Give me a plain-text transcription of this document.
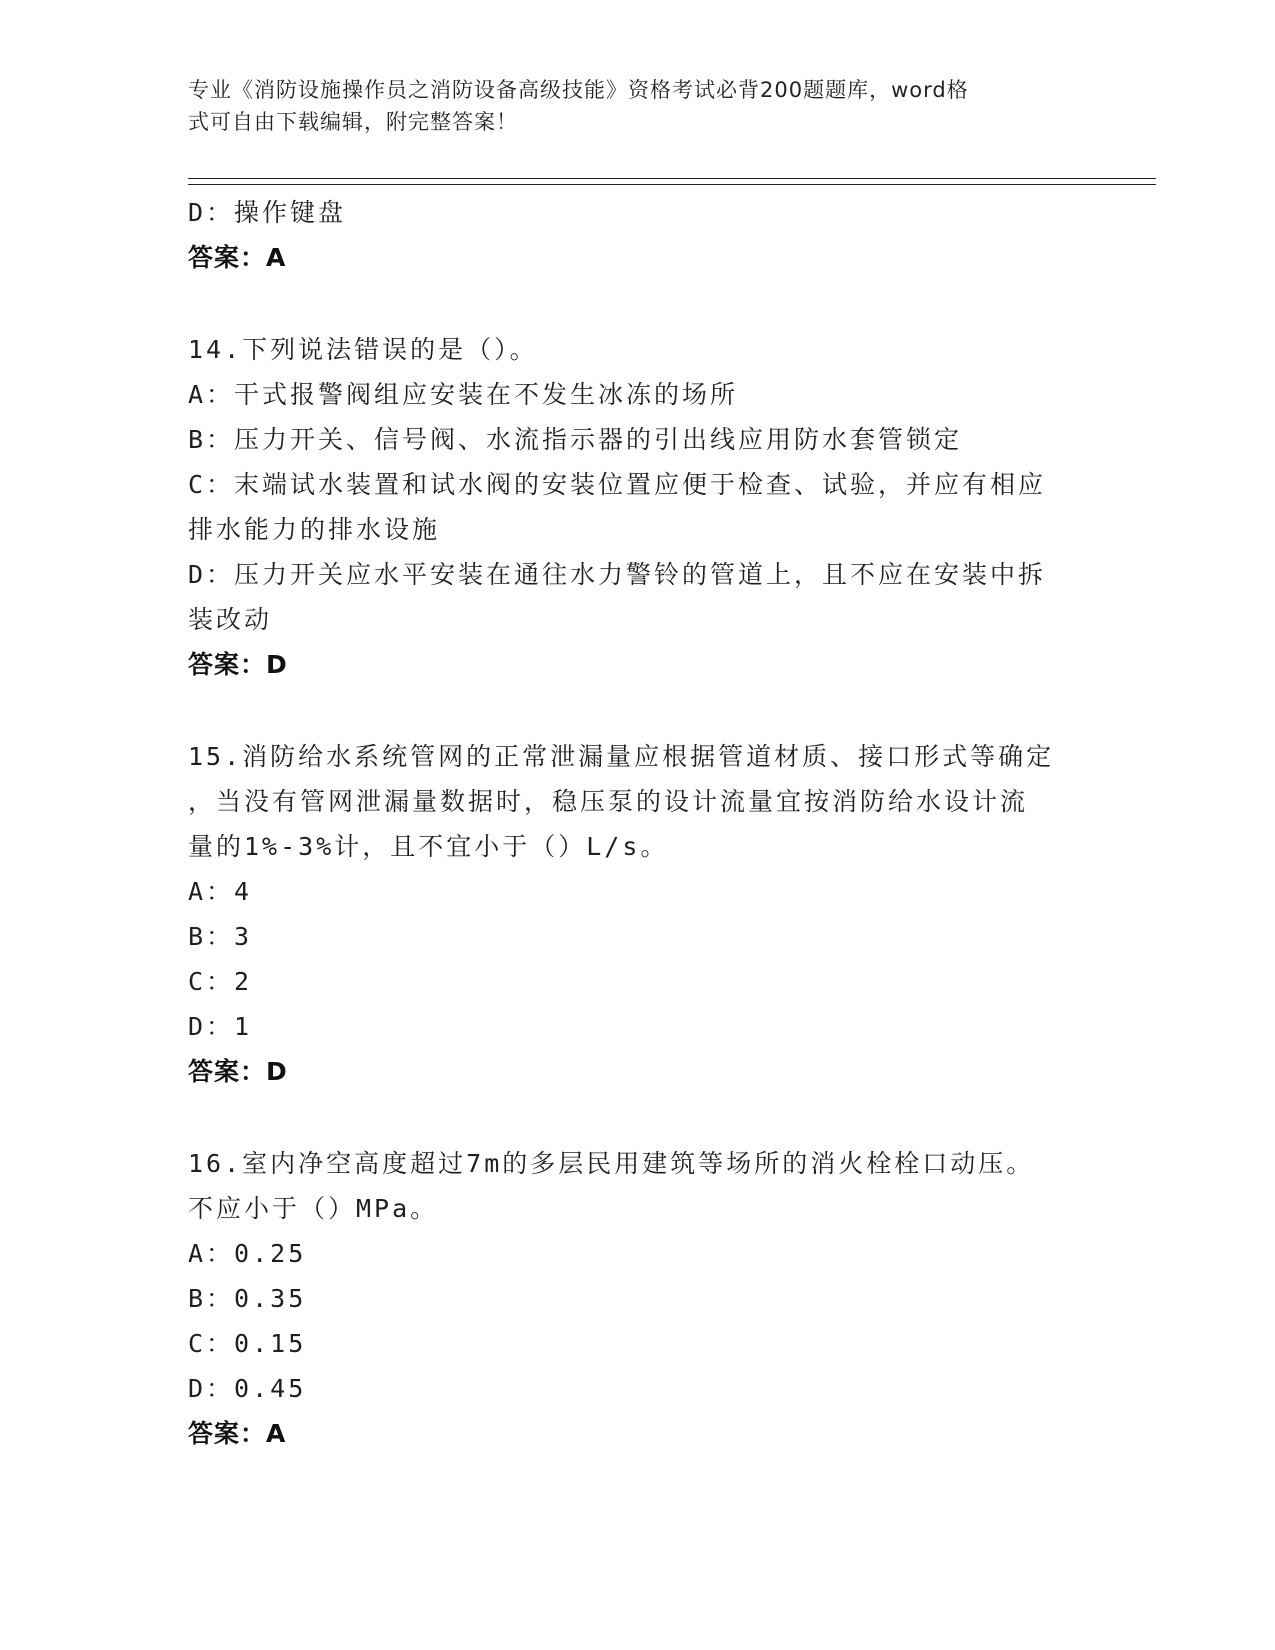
专业《消防设施操作员之消防设备高级技能》资格考试必背200题题库，word格
式可自由下载编辑，附完整答案！
D：操作键盘
答案：A
14.下列说法错误的是（）。
A：干式报警阀组应安装在不发生冰冻的场所
B：压力开关、信号阀、水流指示器的引出线应用防水套管锁定
C：末端试水装置和试水阀的安装位置应便于检查、试验，并应有相应
排水能力的排水设施
D：压力开关应水平安装在通往水力警铃的管道上，且不应在安装中拆
装改动
答案：D
15.消防给水系统管网的正常泄漏量应根据管道材质、接口形式等确定
，当没有管网泄漏量数据时，稳压泵的设计流量宜按消防给水设计流
量的1%-3%计，且不宜小于（）L/s。
A：4
B：3
C：2
D：1
答案：D
16.室内净空高度超过7m的多层民用建筑等场所的消火栓栓口动压。
不应小于（）MPa。
A：0.25
B：0.35
C：0.15
D：0.45
答案：A
